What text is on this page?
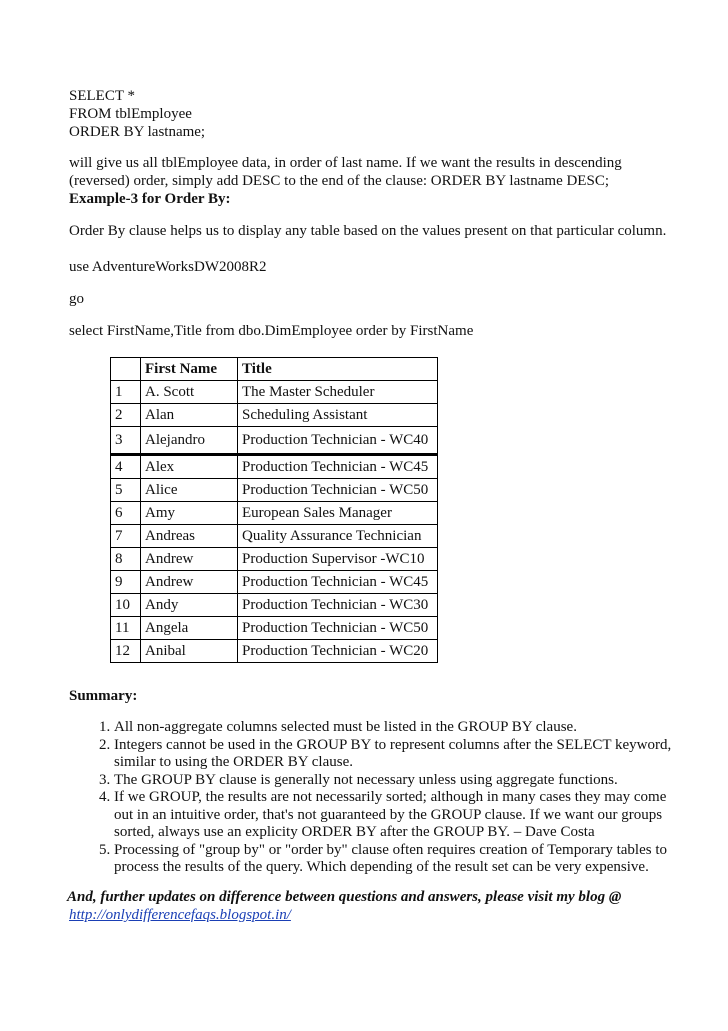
SELECT *
FROM tblEmployee
ORDER BY lastname;
will give us all tblEmployee data, in order of last name. If we want the results in descending
(reversed) order, simply add DESC to the end of the clause: ORDER BY lastname DESC;
Example-3 for Order By:
Order By clause helps us to display any table based on the values present on that particular column.
use AdventureWorksDW2008R2
go
select FirstName,Title from dbo.DimEmployee order by FirstName
	First Name	Title
1	A. Scott	The Master Scheduler
2	Alan	Scheduling Assistant
3	Alejandro	Production Technician - WC40
4	Alex	Production Technician - WC45
5	Alice	Production Technician - WC50
6	Amy	European Sales Manager
7	Andreas	Quality Assurance Technician
8	Andrew	Production Supervisor -WC10
9	Andrew	Production Technician - WC45
10	Andy	Production Technician - WC30
11	Angela	Production Technician - WC50
12	Anibal	Production Technician - WC20
Summary:
1. All non-aggregate columns selected must be listed in the GROUP BY clause.
2. Integers cannot be used in the GROUP BY to represent columns after the SELECT keyword, similar to using the ORDER BY clause.
3. The GROUP BY clause is generally not necessary unless using aggregate functions.
4. If we GROUP, the results are not necessarily sorted; although in many cases they may come out in an intuitive order, that's not guaranteed by the GROUP clause. If we want our groups sorted, always use an explicity ORDER BY after the GROUP BY. – Dave Costa
5. Processing of "group by" or "order by" clause often requires creation of Temporary tables to process the results of the query. Which depending of the result set can be very expensive.
And, further updates on difference between questions and answers, please visit my blog @
http://onlydifferencefaqs.blogspot.in/
